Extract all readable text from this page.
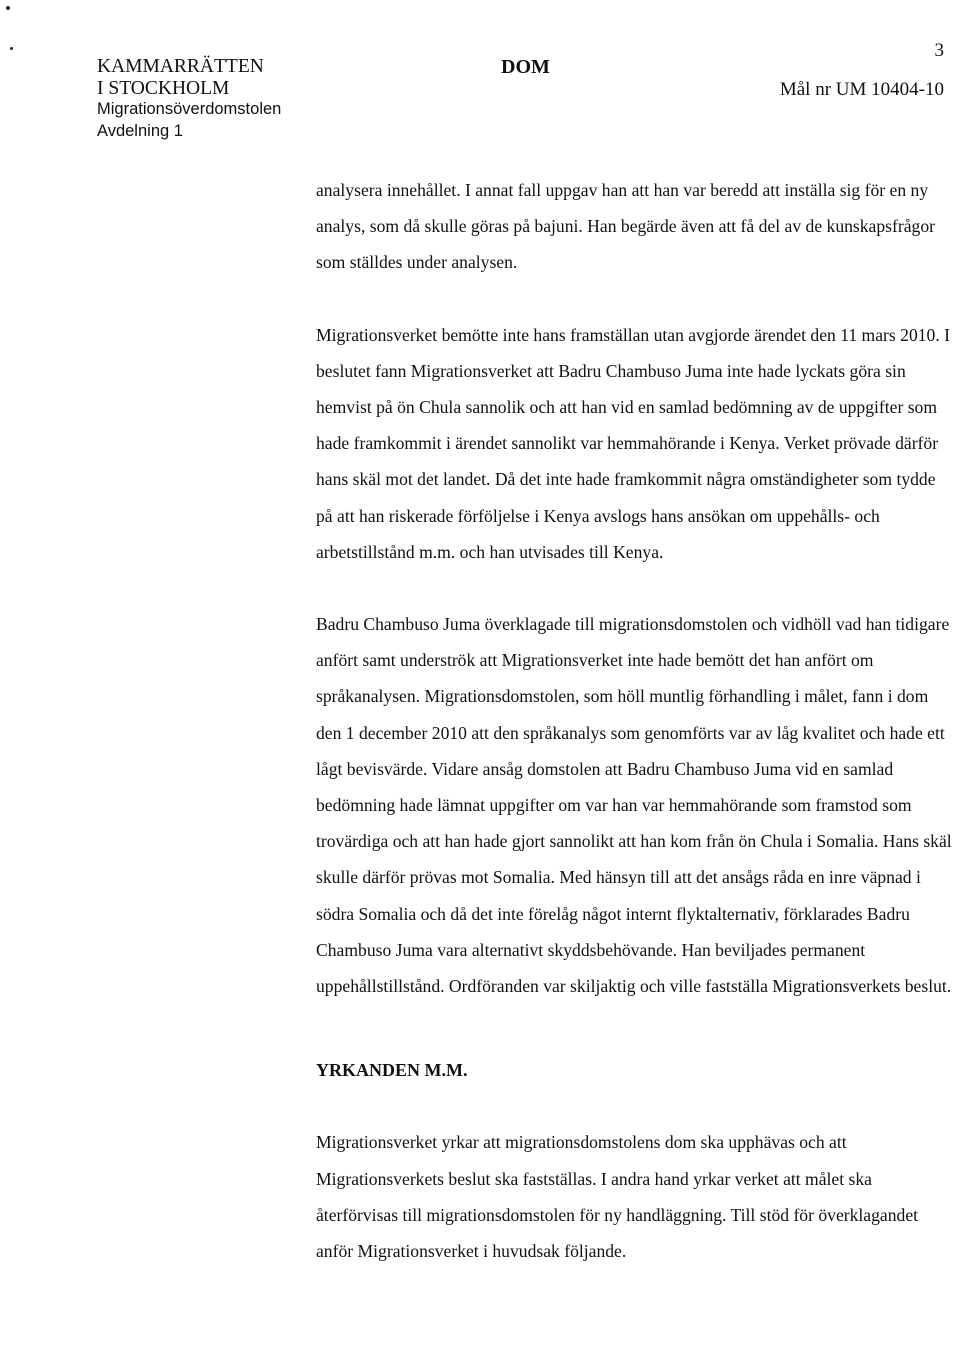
KAMMARRÄTTEN
I STOCKHOLM
Migrationsöverdomstolen
Avdelning 1
DOM
3
Mål nr UM 10404-10

analysera innehållet. I annat fall uppgav han att han var beredd att inställa sig för en ny analys, som då skulle göras på bajuni. Han begärde även att få del av de kunskapsfrågor som ställdes under analysen.

Migrationsverket bemötte inte hans framställan utan avgjorde ärendet den 11 mars 2010. I beslutet fann Migrationsverket att Badru Chambuso Juma inte hade lyckats göra sin hemvist på ön Chula sannolik och att han vid en samlad bedömning av de uppgifter som hade framkommit i ärendet sannolikt var hemmahörande i Kenya. Verket prövade därför hans skäl mot det landet. Då det inte hade framkommit några omständigheter som tydde på att han riskerade förföljelse i Kenya avslogs hans ansökan om uppehålls- och arbetstillstånd m.m. och han utvisades till Kenya.

Badru Chambuso Juma överklagade till migrationsdomstolen och vidhöll vad han tidigare anfört samt underströk att Migrationsverket inte hade bemött det han anfört om språkanalysen. Migrationsdomstolen, som höll muntlig förhandling i målet, fann i dom den 1 december 2010 att den språkanalys som genomförts var av låg kvalitet och hade ett lågt bevisvärde. Vidare ansåg domstolen att Badru Chambuso Juma vid en samlad bedömning hade lämnat uppgifter om var han var hemmahörande som framstod som trovärdiga och att han hade gjort sannolikt att han kom från ön Chula i Somalia. Hans skäl skulle därför prövas mot Somalia. Med hänsyn till att det ansågs råda en inre väpnad i södra Somalia och då det inte förelåg något internt flyktalternativ, förklarades Badru Chambuso Juma vara alternativt skyddsbehövande. Han beviljades permanent uppehållstillstånd. Ordföranden var skiljaktig och ville fastställa Migrationsverkets beslut.

YRKANDEN M.M.

Migrationsverket yrkar att migrationsdomstolens dom ska upphävas och att Migrationsverkets beslut ska fastställas. I andra hand yrkar verket att målet ska återförvisas till migrationsdomstolen för ny handläggning. Till stöd för överklagandet anför Migrationsverket i huvudsak följande.
